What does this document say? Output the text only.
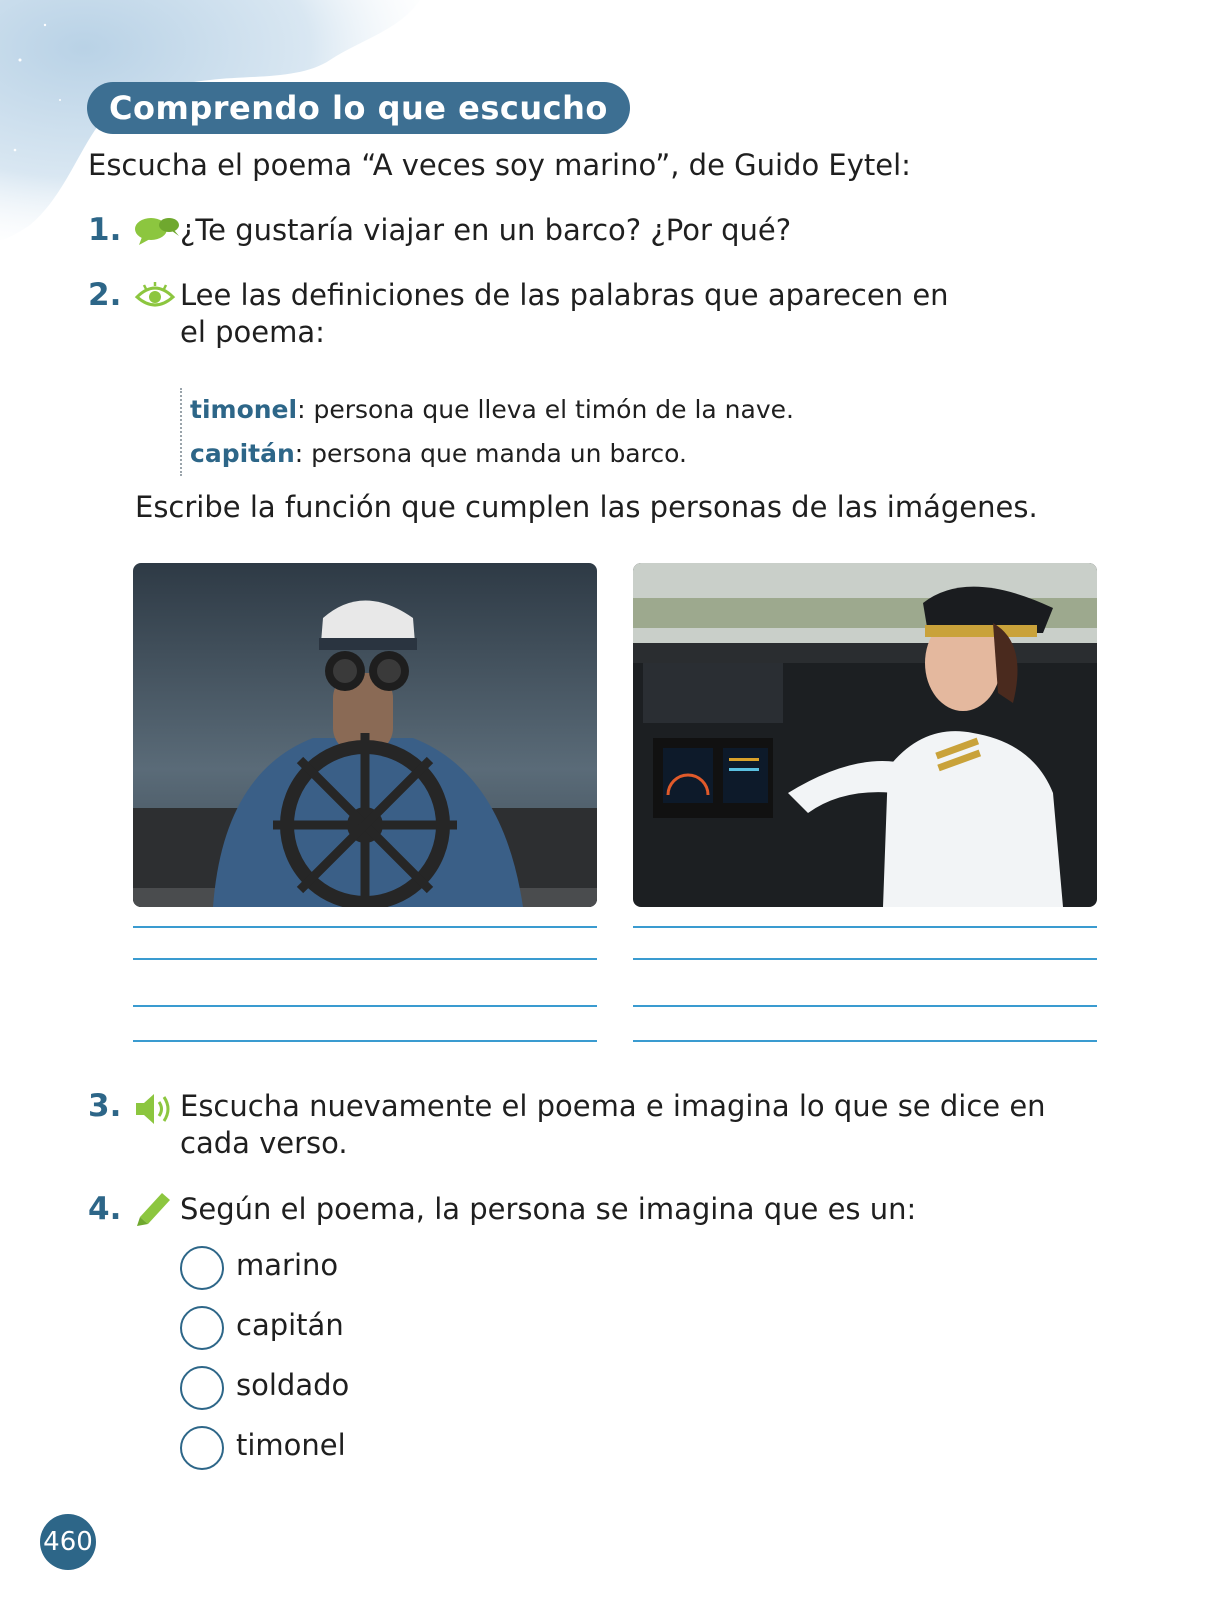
Comprendo lo que escucho
Escucha el poema “A veces soy marino”, de Guido Eytel:
1. ¿Te gustaría viajar en un barco? ¿Por qué?
2. Lee las definiciones de las palabras que aparecen en
el poema:
timonel: persona que lleva el timón de la nave.
capitán: persona que manda un barco.
Escribe la función que cumplen las personas de las imágenes.
3. Escucha nuevamente el poema e imagina lo que se dice en
cada verso.
4. Según el poema, la persona se imagina que es un:
marino
capitán
soldado
timonel
460
